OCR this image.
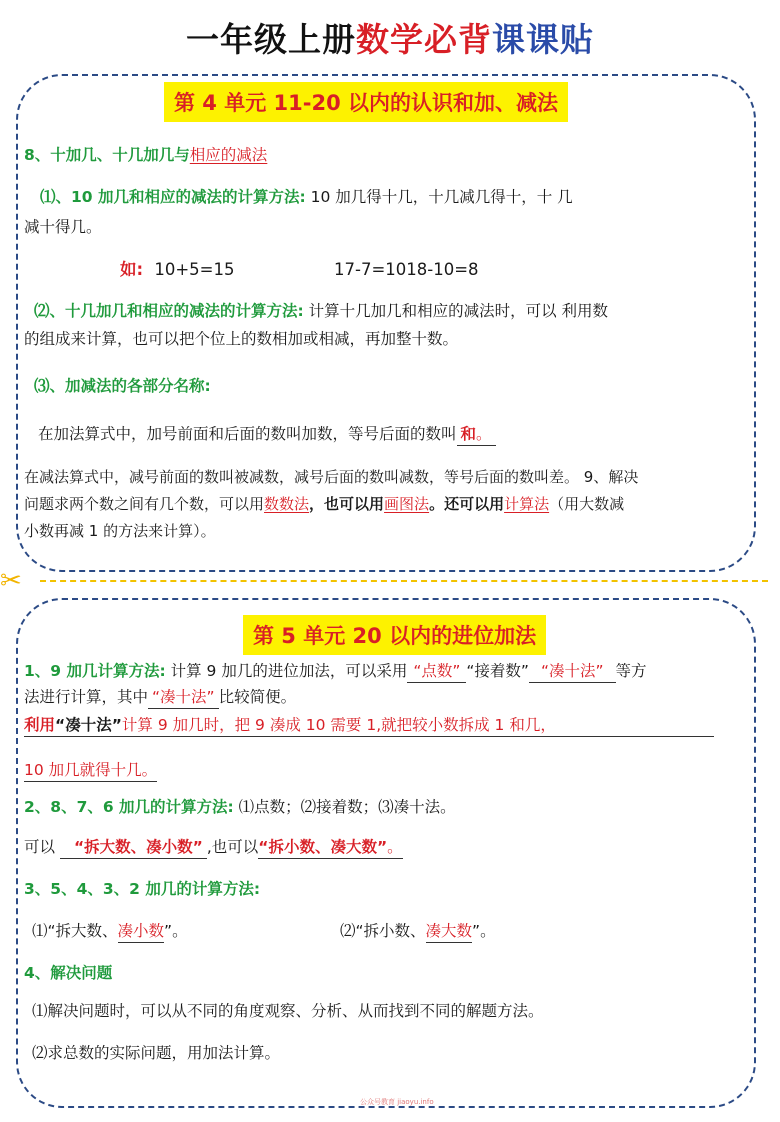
一年级上册数学必背课课贴
第 4 单元 11-20 以内的认识和加、减法
8、十加几、十几加几与相应的减法
⑴、10 加几和相应的减法的计算方法: 10 加几得十几，十几减几得十，十 几
减十得几。
如: 10+5=15	17-7=1018-10=8
⑵、十几加几和相应的减法的计算方法: 计算十几加几和相应的减法时，可以 利用数
的组成来计算，也可以把个位上的数相加或相减，再加整十数。
⑶、加减法的各部分名称:
在加法算式中，加号前面和后面的数叫加数，等号后面的数叫 和。
在减法算式中，减号前面的数叫被减数，减号后面的数叫减数，等号后面的数叫差。 9、解决
问题求两个数之间有几个数，可以用数数法，也可以用画图法。还可以用计算法（用大数减
小数再减 1 的方法来计算）。
✂
第 5 单元 20 以内的进位加法
1、9 加几计算方法: 计算 9 加几的进位加法，可以采用 “点数” “接着数” “凑十法” 等方
法进行计算，其中 “凑十法” 比较简便。
利用“凑十法”计算 9 加几时，把 9 凑成 10 需要 1,就把较小数拆成 1 和几，
10 加几就得十几。
2、8、7、6 加几的计算方法: ⑴点数；⑵接着数；⑶凑十法。
可以 “拆大数、凑小数” ,也可以“拆小数、凑大数”。
3、5、4、3、2 加几的计算方法:
⑴“拆大数、凑小数”。	⑵“拆小数、凑大数”。
4、解决问题
⑴解决问题时，可以从不同的角度观察、分析、从而找到不同的解题方法。
⑵求总数的实际问题，用加法计算。
公众号教育 jiaoyu.info
